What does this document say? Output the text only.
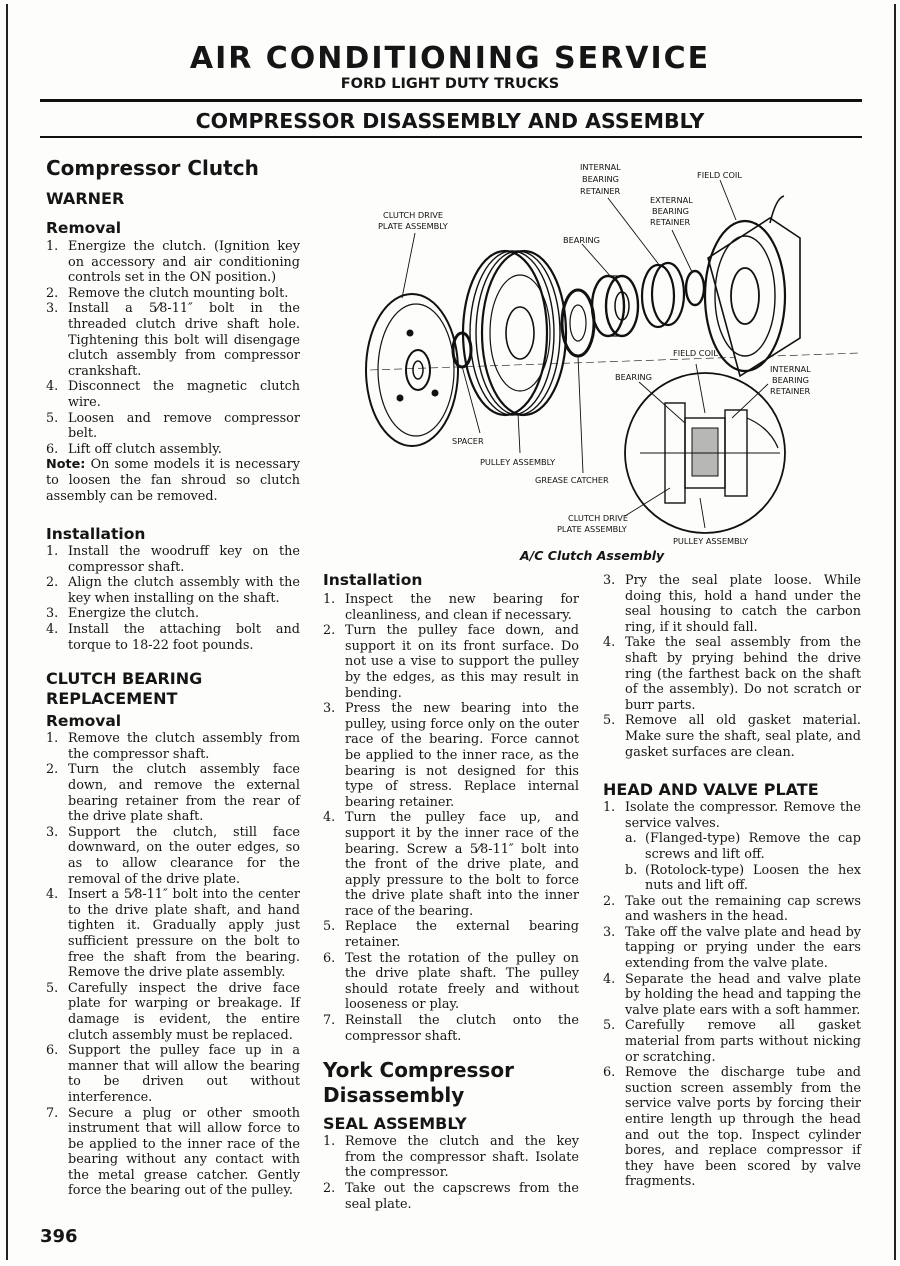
AIR CONDITIONING SERVICE
FORD LIGHT DUTY TRUCKS
COMPRESSOR DISASSEMBLY AND ASSEMBLY
Compressor Clutch
WARNER
Removal
1. Energize the clutch. (Ignition key on accessory and air conditioning controls set in the ON position.)
2. Remove the clutch mounting bolt.
3. Install a 5⁄8-11″ bolt in the threaded clutch drive shaft hole. Tightening this bolt will disengage clutch assembly from compressor crankshaft.
4. Disconnect the magnetic clutch wire.
5. Loosen and remove compressor belt.
6. Lift off clutch assembly.

Note: On some models it is necessary to loosen the fan shroud so clutch assembly can be removed.

Installation
1. Install the woodruff key on the compressor shaft.
2. Align the clutch assembly with the key when installing on the shaft.
3. Energize the clutch.
4. Install the attaching bolt and torque to 18-22 foot pounds.
CLUTCH BEARING
REPLACEMENT
Removal
1. Remove the clutch assembly from the compressor shaft.
2. Turn the clutch assembly face down, and remove the external bearing retainer from the rear of the drive plate shaft.
3. Support the clutch, still face downward, on the outer edges, so as to allow clearance for the removal of the drive plate.
4. Insert a 5⁄8-11″ bolt into the center to the drive plate shaft, and hand tighten it. Gradually apply just sufficient pressure on the bolt to free the shaft from the bearing. Remove the drive plate assembly.
5. Carefully inspect the drive face plate for warping or breakage. If damage is evident, the entire clutch assembly must be replaced.
6. Support the pulley face up in a manner that will allow the bearing to be driven out without interference.
7. Secure a plug or other smooth instrument that will allow force to be applied to the inner race of the bearing without any contact with the metal grease catcher. Gently force the bearing out of the pulley.
INTERNAL
BEARING
RETAINER
FIELD COIL
EXTERNAL
BEARING
RETAINER
CLUTCH DRIVE
PLATE ASSEMBLY
BEARING
FIELD COIL
BEARING
INTERNAL
BEARING
RETAINER
SPACER
PULLEY ASSEMBLY
GREASE CATCHER
CLUTCH DRIVE
PLATE ASSEMBLY
PULLEY ASSEMBLY
A/C Clutch Assembly
Installation
1. Inspect the new bearing for cleanliness, and clean if necessary.
2. Turn the pulley face down, and support it on its front surface. Do not use a vise to support the pulley by the edges, as this may result in bending.
3. Press the new bearing into the pulley, using force only on the outer race of the bearing. Force cannot be applied to the inner race, as the bearing is not designed for this type of stress. Replace internal bearing retainer.
4. Turn the pulley face up, and support it by the inner race of the bearing. Screw a 5⁄8-11″ bolt into the front of the drive plate, and apply pressure to the bolt to force the drive plate shaft into the inner race of the bearing.
5. Replace the external bearing retainer.
6. Test the rotation of the pulley on the drive plate shaft. The pulley should rotate freely and without looseness or play.
7. Reinstall the clutch onto the compressor shaft.
York Compressor
Disassembly
SEAL ASSEMBLY
1. Remove the clutch and the key from the compressor shaft. Isolate the compressor.
2. Take out the capscrews from the seal plate.
3. Pry the seal plate loose. While doing this, hold a hand under the seal housing to catch the carbon ring, if it should fall.
4. Take the seal assembly from the shaft by prying behind the drive ring (the farthest back on the shaft of the assembly). Do not scratch or burr parts.
5. Remove all old gasket material. Make sure the shaft, seal plate, and gasket surfaces are clean.
HEAD AND VALVE PLATE
1. Isolate the compressor. Remove the service valves.
a. (Flanged-type) Remove the cap screws and lift off.
b. (Rotolock-type) Loosen the hex nuts and lift off.
2. Take out the remaining cap screws and washers in the head.
3. Take off the valve plate and head by tapping or prying under the ears extending from the valve plate.
4. Separate the head and valve plate by holding the head and tapping the valve plate ears with a soft hammer.
5. Carefully remove all gasket material from parts without nicking or scratching.
6. Remove the discharge tube and suction screen assembly from the service valve ports by forcing their entire length up through the head and out the top. Inspect cylinder bores, and replace compressor if they have been scored by valve fragments.
396
